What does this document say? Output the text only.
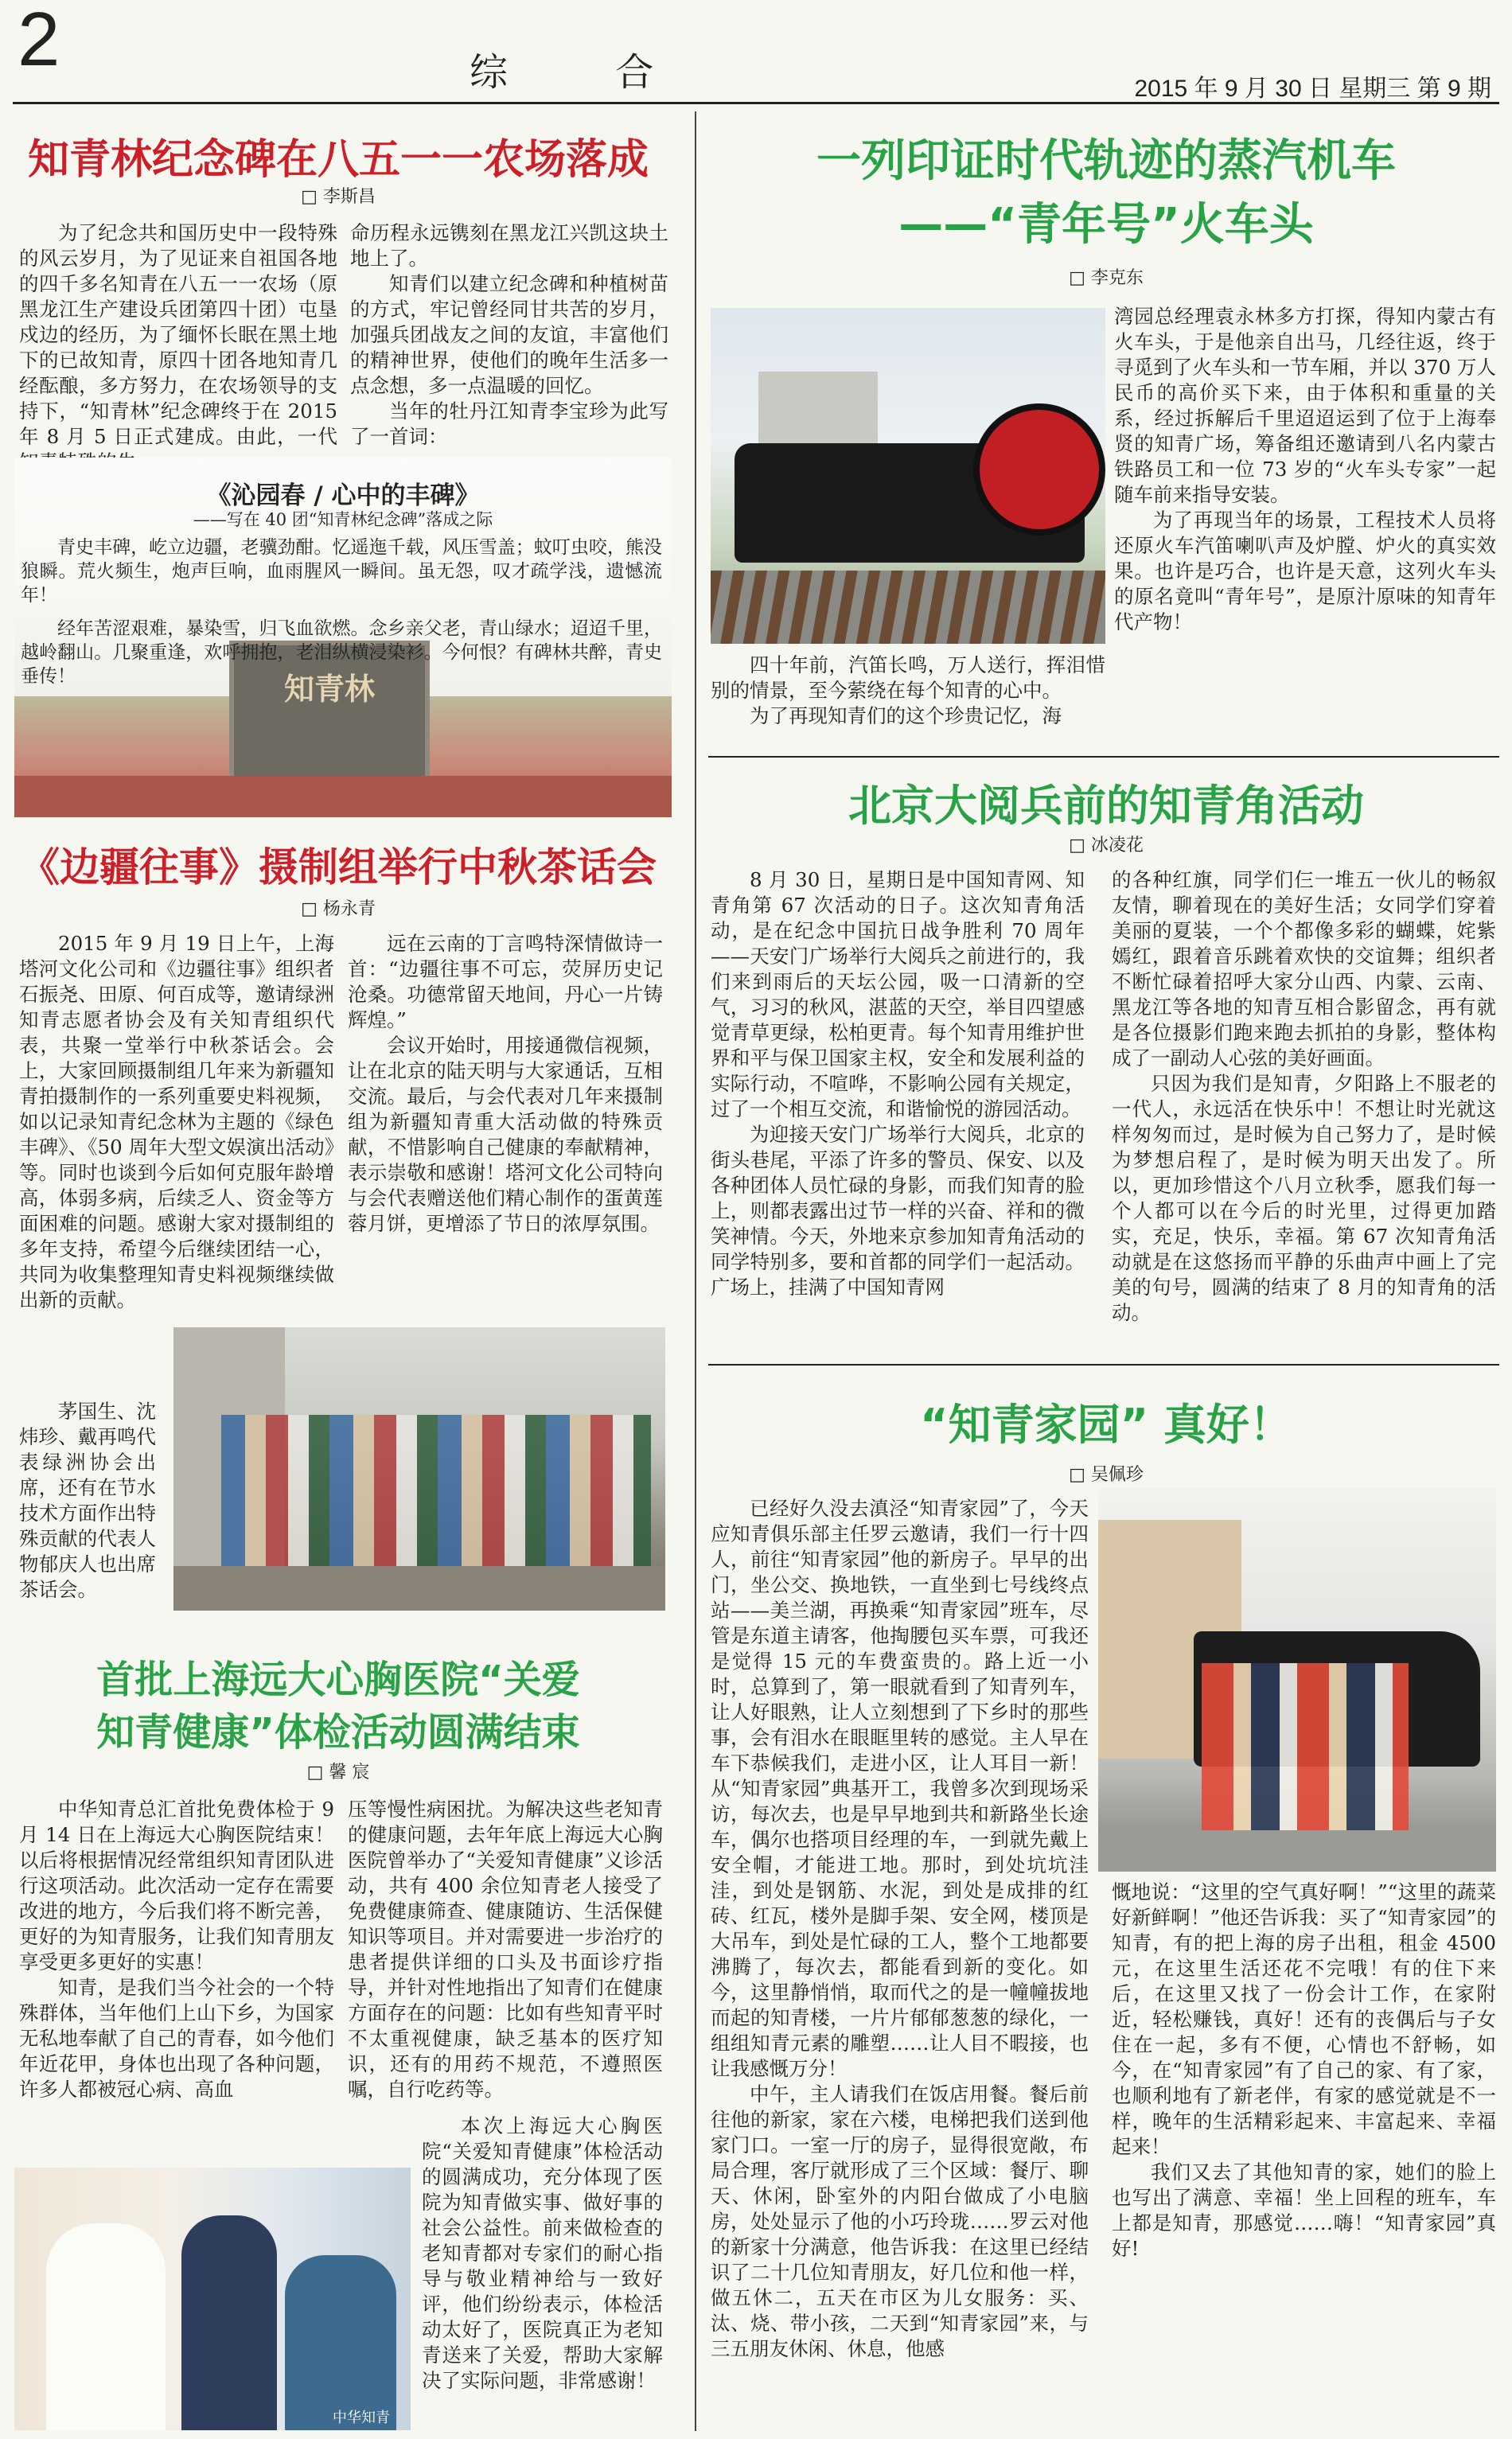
2	综 合	2015 年 9 月 30 日 星期三 第 9 期
知青林纪念碑在八五一一农场落成
□ 李斯昌

为了纪念共和国历史中一段特殊的风云岁月，为了见证来自祖国各地的四千多名知青在八五一一农场（原黑龙江生产建设兵团第四十团）屯垦戍边的经历，为了缅怀长眠在黑土地下的已故知青，原四十团各地知青几经酝酿，多方努力，在农场领导的支持下，“知青林”纪念碑终于在 2015 年 8 月 5 日正式建成。由此，一代

命历程永远镌刻在黑龙江兴凯这块土地上了。

知青们以建立纪念碑和种植树苗的方式，牢记曾经同甘共苦的岁月，加强兵团战友之间的友谊，丰富他们的精神世界，使他们的晚年生活多一点念想，多一点温暖的回忆。

当年的牡丹江知青李宝珍为此写了一首词：

知青林
《沁园春 / 心中的丰碑》
——写在 40 团“知青林纪念碑”落成之际

青史丰碑，屹立边疆，老骥劲酣。忆遥迤千载，风压雪盖；蚊叮虫咬，熊没狼瞬。荒火频生，炮声巨响，血雨腥风一瞬间。虽无怨，叹才疏学浅，遗憾流年！

经年苦涩艰难，暴染雪，归飞血欲燃。念乡亲父老，青山绿水；迢迢千里，越岭翻山。几聚重逢，欢呼拥抱，老泪纵横浸染衫。今何恨？有碑林共醉，青史垂传！

《边疆往事》摄制组举行中秋茶话会
□ 杨永青

2015 年 9 月 19 日上午，上海塔河文化公司和《边疆往事》组织者石振尧、田原、何百成等，邀请绿洲知青志愿者协会及有关知青组织代表，共聚一堂举行中秋茶话会。会上，大家回顾摄制组几年来为新疆知青拍摄制作的一系列重要史料视频，如以记录知青纪念林为主题的《绿色丰碑》、《50 周年大型文娱演出活动》等。同时也谈到今后如何克服年龄增高，体弱多病，后续乏人、资金等方面困难的问题。感谢大家对摄制组的多年支持，希望今后继续团结一心，共同为收集整理知青史料视频继续做出新的贡献。

茅国生、沈炜珍、戴再鸣代表绿洲协会出席，还有在节水技术方面作出特殊贡献的代表人物郁庆人也出席茶话会。

远在云南的丁言鸣特深情做诗一首：“边疆往事不可忘，荧屏历史记沧桑。功德常留天地间，丹心一片铸辉煌。”

会议开始时，用接通微信视频，让在北京的陆天明与大家通话，互相交流。最后，与会代表对几年来摄制组为新疆知青重大活动做的特殊贡献，不惜影响自己健康的奉献精神，表示崇敬和感谢！塔河文化公司特向与会代表赠送他们精心制作的蛋黄莲蓉月饼，更增添了节日的浓厚氛围。

首批上海远大心胸医院“关爱
知青健康”体检活动圆满结束
□ 馨 宸

中华知青总汇首批免费体检于 9 月 14 日在上海远大心胸医院结束！以后将根据情况经常组织知青团队进行这项活动。此次活动一定存在需要改进的地方，今后我们将不断完善，更好的为知青服务，让我们知青朋友享受更多更好的实惠！

知青，是我们当今社会的一个特殊群体，当年他们上山下乡，为国家无私地奉献了自己的青春，如今他们年近花甲，身体也出现了各种问题，许多人都被冠心病、高血

压等慢性病困扰。为解决这些老知青的健康问题，去年年底上海远大心胸医院曾举办了“关爱知青健康”义诊活动，共有 400 余位知青老人接受了免费健康筛查、健康随访、生活保健知识等项目。并对需要进一步治疗的患者提供详细的口头及书面诊疗指导，并针对性地指出了知青们在健康方面存在的问题：比如有些知青平时不太重视健康，缺乏基本的医疗知识，还有的用药不规范，不遵照医嘱，自行吃药等。

本次上海远大心胸医院“关爱知青健康”体检活动的圆满成功，充分体现了医院为知青做实事、做好事的社会公益性。前来做检查的老知青都对专家们的耐心指导与敬业精神给与一致好评，他们纷纷表示，体检活动太好了，医院真正为老知青送来了关爱，帮助大家解决了实际问题，非常感谢！

中华知青
一列印证时代轨迹的蒸汽机车
——“青年号”火车头
□ 李克东

湾园总经理袁永林多方打探，得知内蒙古有火车头，于是他亲自出马，几经往返，终于寻觅到了火车头和一节车厢，并以 370 万人民币的高价买下来，由于体积和重量的关系，经过拆解后千里迢迢运到了位于上海奉贤的知青广场，筹备组还邀请到八名内蒙古铁路员工和一位 73 岁的“火车头专家”一起随车前来指导安装。

为了再现当年的场景，工程技术人员将还原火车汽笛喇叭声及炉膛、炉火的真实效果。也许是巧合，也许是天意，这列火车头的原名竟叫“青年号”，是原汁原味的知青年代产物！

四十年前，汽笛长鸣，万人送行，挥泪惜别的情景，至今萦绕在每个知青的心中。

为了再现知青们的这个珍贵记忆，海

北京大阅兵前的知青角活动
□ 冰凌花

8 月 30 日，星期日是中国知青网、知青角第 67 次活动的日子。这次知青角活动，是在纪念中国抗日战争胜利 70 周年——天安门广场举行大阅兵之前进行的，我们来到雨后的天坛公园，吸一口清新的空气，习习的秋风，湛蓝的天空，举目四望感觉青草更绿，松柏更青。每个知青用维护世界和平与保卫国家主权，安全和发展利益的实际行动，不喧哗，不影响公园有关规定，过了一个相互交流，和谐愉悦的游园活动。

为迎接天安门广场举行大阅兵，北京的街头巷尾，平添了许多的警员、保安、以及各种团体人员忙碌的身影，而我们知青的脸上，则都表露出过节一样的兴奋、祥和的微笑神情。今天，外地来京参加知青角活动的同学特别多，要和首都的同学们一起活动。广场上，挂满了中国知青网

的各种红旗，同学们仨一堆五一伙儿的畅叙友情，聊着现在的美好生活；女同学们穿着美丽的夏装，一个个都像多彩的蝴蝶，姹紫嫣红，跟着音乐跳着欢快的交谊舞；组织者不断忙碌着招呼大家分山西、内蒙、云南、黑龙江等各地的知青互相合影留念，再有就是各位摄影们跑来跑去抓拍的身影，整体构成了一副动人心弦的美好画面。

只因为我们是知青，夕阳路上不服老的一代人，永远活在快乐中！不想让时光就这样匆匆而过，是时候为自己努力了，是时候为梦想启程了，是时候为明天出发了。所以，更加珍惜这个八月立秋季，愿我们每一个人都可以在今后的时光里，过得更加踏实，充足，快乐，幸福。第 67 次知青角活动就是在这悠扬而平静的乐曲声中画上了完美的句号，圆满的结束了 8 月的知青角的活动。

“知青家园” 真好！
□ 吴佩珍

已经好久没去滇泾“知青家园”了，今天应知青俱乐部主任罗云邀请，我们一行十四人，前往“知青家园”他的新房子。早早的出门，坐公交、换地铁，一直坐到七号线终点站——美兰湖，再换乘“知青家园”班车，尽管是东道主请客，他掏腰包买车票，可我还是觉得 15 元的车费蛮贵的。路上近一小时，总算到了，第一眼就看到了知青列车，让人好眼熟，让人立刻想到了下乡时的那些事，会有泪水在眼眶里转的感觉。主人早在车下恭候我们，走进小区，让人耳目一新！从“知青家园”典基开工，我曾多次到现场采访，每次去，也是早早地到共和新路坐长途车，偶尔也搭项目经理的车，一到就先戴上安全帽，才能进工地。那时，到处坑坑洼洼，到处是钢筋、水泥，到处是成排的红砖、红瓦，楼外是脚手架、安全网，楼顶是大吊车，到处是忙碌的工人，整个工地都要沸腾了，每次去，都能看到新的变化。如今，这里静悄悄，取而代之的是一幢幢拔地而起的知青楼，一片片郁郁葱葱的绿化，一组组知青元素的雕塑……让人目不暇接，也让我感慨万分！

中午，主人请我们在饭店用餐。餐后前往他的新家，家在六楼，电梯把我们送到他家门口。一室一厅的房子，显得很宽敞，布局合理，客厅就形成了三个区域：餐厅、聊天、休闲，卧室外的内阳台做成了小电脑房，处处显示了他的小巧玲珑……罗云对他的新家十分满意，他告诉我：在这里已经结识了二十几位知青朋友，好几位和他一样，做五休二，五天在市区为儿女服务：买、汰、烧、带小孩，二天到“知青家园”来，与三五朋友休闲、休息，他感

慨地说：“这里的空气真好啊！”“这里的蔬菜好新鲜啊！”他还告诉我：买了“知青家园”的知青，有的把上海的房子出租，租金 4500 元，在这里生活还花不完哦！有的住下来后，在这里又找了一份会计工作，在家附近，轻松赚钱，真好！还有的丧偶后与子女住在一起，多有不便，心情也不舒畅，如今，在“知青家园”有了自己的家、有了家，也顺利地有了新老伴，有家的感觉就是不一样，晚年的生活精彩起来、丰富起来、幸福起来！

我们又去了其他知青的家，她们的脸上也写出了满意、幸福！坐上回程的班车，车上都是知青，那感觉……嗨！“知青家园”真好!
